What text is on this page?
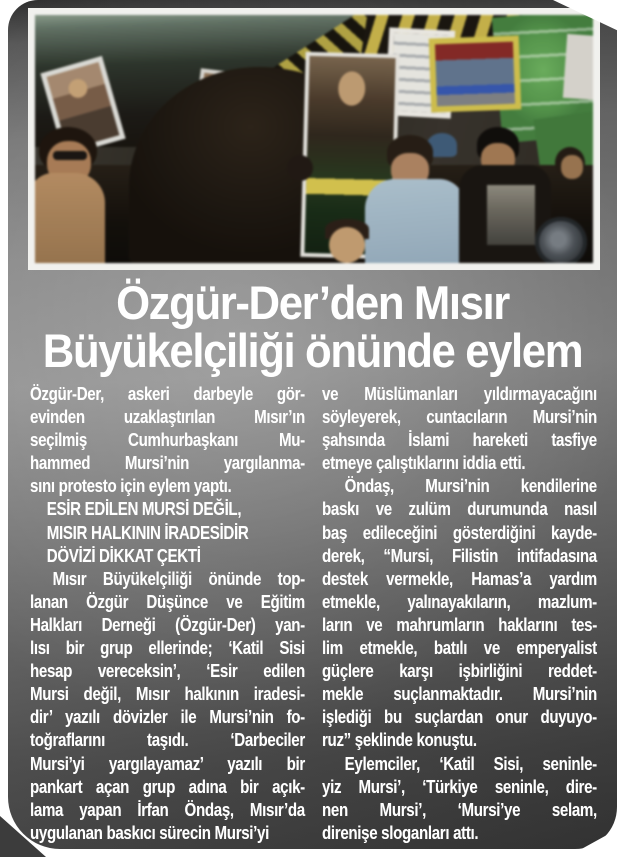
Özgür-Der’den Mısır
Büyükelçiliği önünde eylem
Özgür-Der, askeri darbeyle gör-
evinden uzaklaştırılan Mısır’ın
seçilmiş Cumhurbaşkanı Mu-
hammed Mursi’nin yargılanma-
sını protesto için eylem yaptı.
ESİR EDİLEN MURSİ DEĞİL,
MISIR HALKININ İRADESİDİR
DÖVİZİ DİKKAT ÇEKTİ
Mısır Büyükelçiliği önünde top-
lanan Özgür Düşünce ve Eğitim
Halkları Derneği (Özgür-Der) yan-
lısı bir grup ellerinde; ‘Katil Sisi
hesap vereceksin’, ‘Esir edilen
Mursi değil, Mısır halkının iradesi-
dir’ yazılı dövizler ile Mursi’nin fo-
toğraflarını taşıdı. ‘Darbeciler
Mursi’yi yargılayamaz’ yazılı bir
pankart açan grup adına bir açık-
lama yapan İrfan Öndaş, Mısır’da
uygulanan baskıcı sürecin Mursi’yi
ve Müslümanları yıldırmayacağını
söyleyerek, cuntacıların Mursi’nin
şahsında İslami hareketi tasfiye
etmeye çalıştıklarını iddia etti.
Öndaş, Mursi’nin kendilerine
baskı ve zulüm durumunda nasıl
baş edileceğini gösterdiğini kayde-
derek, “Mursi, Filistin intifadasına
destek vermekle, Hamas’a yardım
etmekle, yalınayakıların, mazlum-
ların ve mahrumların haklarını tes-
lim etmekle, batılı ve emperyalist
güçlere karşı işbirliğini reddet-
mekle suçlanmaktadır. Mursi’nin
işlediği bu suçlardan onur duyuyo-
ruz” şeklinde konuştu.
Eylemciler, ‘Katil Sisi, seninle-
yiz Mursi’, ‘Türkiye seninle, dire-
nen Mursi’, ‘Mursi’ye selam,
direnişe sloganları attı.
